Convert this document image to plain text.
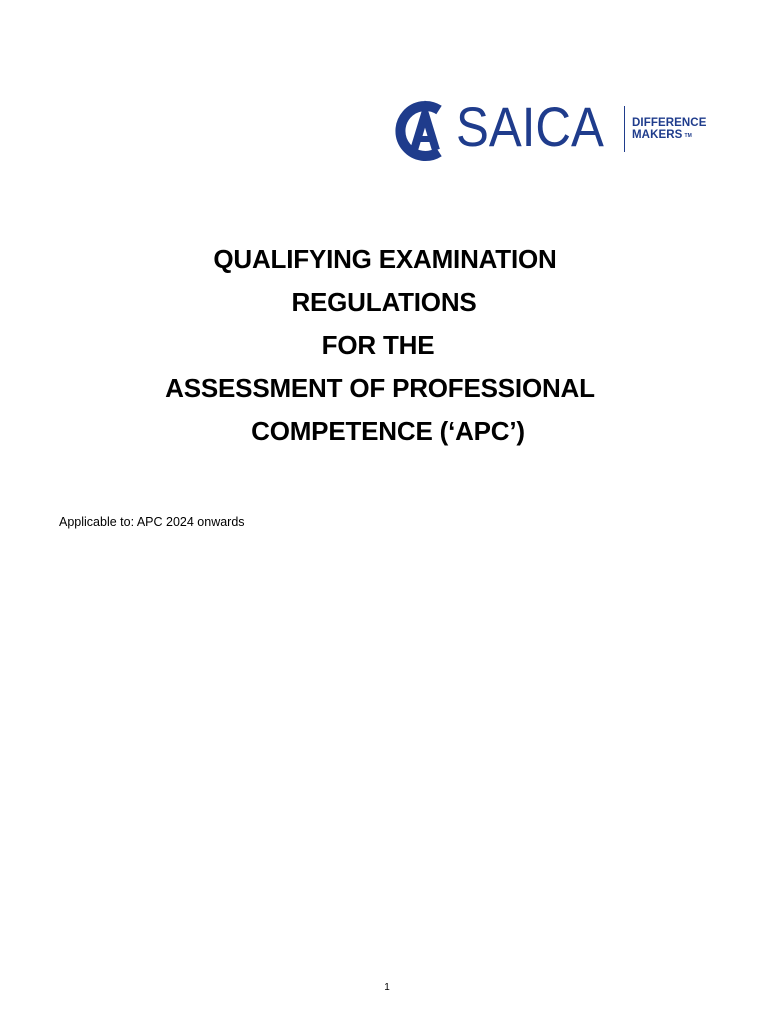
SAICA DIFFERENCE
MAKERS ™
QUALIFYING EXAMINATION
REGULATIONS
FOR THE
ASSESSMENT OF PROFESSIONAL
COMPETENCE (‘APC’)
Applicable to: APC 2024 onwards
1
